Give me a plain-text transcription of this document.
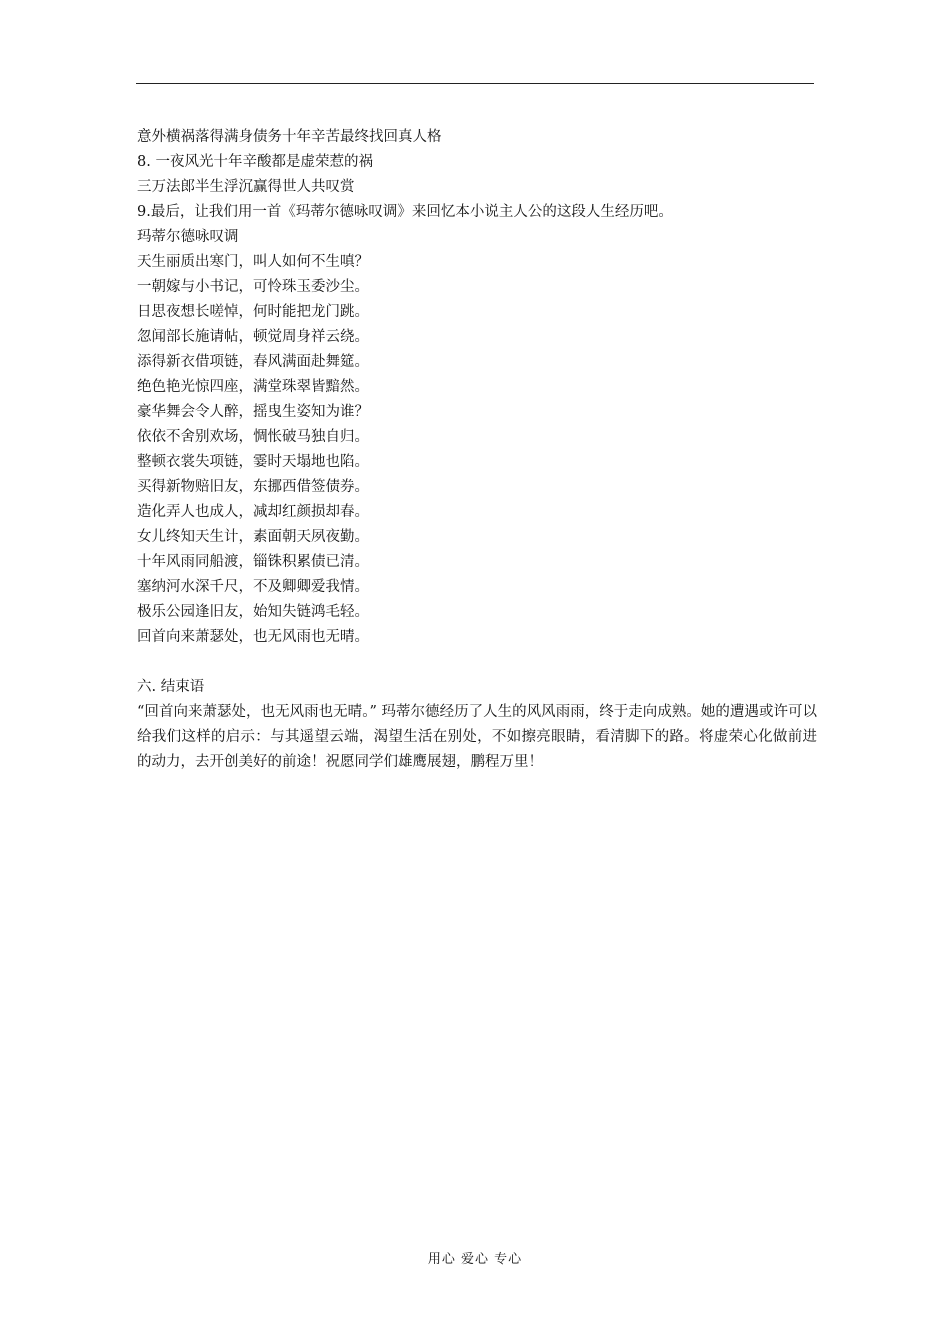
意外横祸落得满身债务十年辛苦最终找回真人格
8. 一夜风光十年辛酸都是虚荣惹的祸
三万法郎半生浮沉赢得世人共叹赏
9.最后，让我们用一首《玛蒂尔德咏叹调》来回忆本小说主人公的这段人生经历吧。
玛蒂尔德咏叹调
天生丽质出寒门，叫人如何不生嗔？
一朝嫁与小书记，可怜珠玉委沙尘。
日思夜想长嗟悼，何时能把龙门跳。
忽闻部长施请帖，顿觉周身祥云绕。
添得新衣借项链，春风满面赴舞筵。
绝色艳光惊四座，满堂珠翠皆黯然。
豪华舞会令人醉，摇曳生姿知为谁？
依依不舍别欢场，惆怅破马独自归。
整顿衣裳失项链，霎时天塌地也陷。
买得新物赔旧友，东挪西借签债券。
造化弄人也成人，减却红颜损却春。
女儿终知天生计，素面朝天夙夜勤。
十年风雨同船渡，锱铢积累债已清。
塞纳河水深千尺，不及卿卿爱我情。
极乐公园逢旧友，始知失链鸿毛轻。
回首向来萧瑟处，也无风雨也无晴。
六. 结束语
“回首向来萧瑟处，也无风雨也无晴。” 玛蒂尔德经历了人生的风风雨雨，终于走向成熟。她的遭遇或许可以给我们这样的启示：与其遥望云端，渴望生活在别处，不如擦亮眼睛，看清脚下的路。将虚荣心化做前进的动力，去开创美好的前途！祝愿同学们雄鹰展翅，鹏程万里！
用心 爱心 专心
